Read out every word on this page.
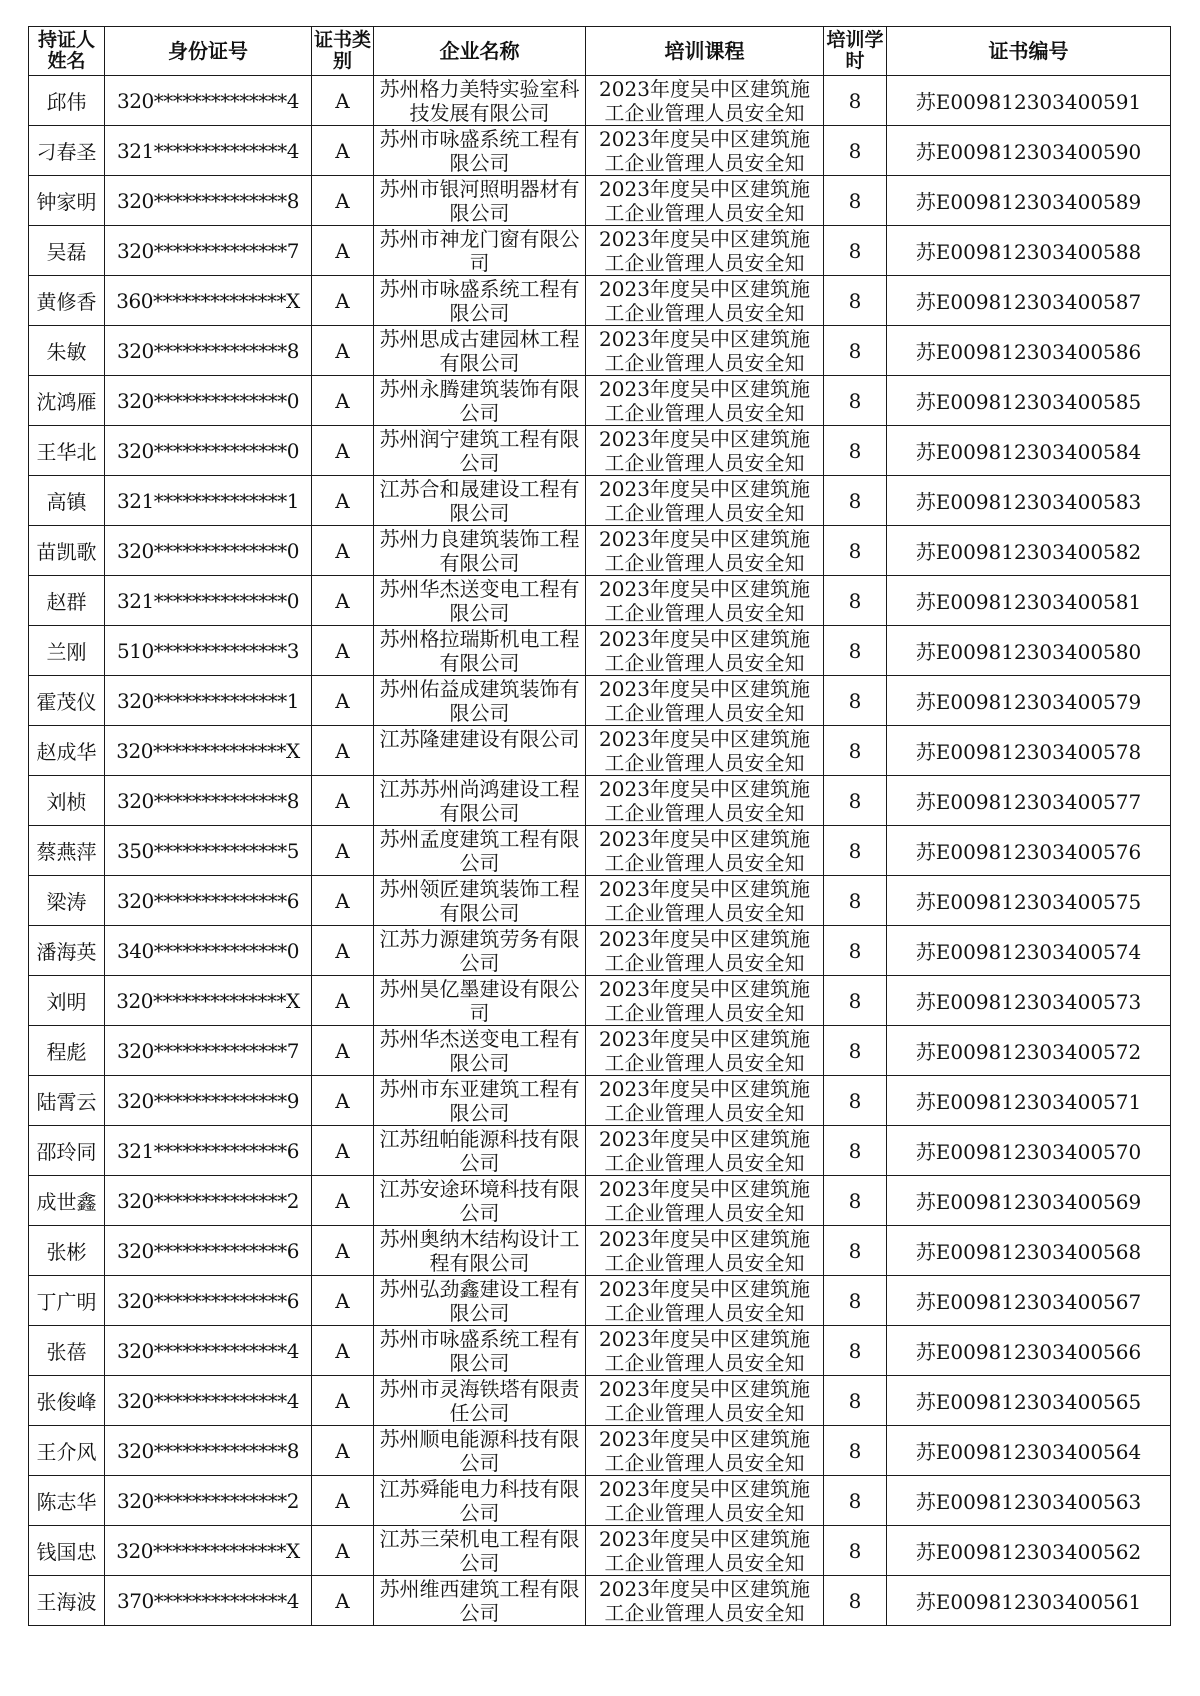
持证人姓名	身份证号	证书类别	企业名称	培训课程	培训学时	证书编号
邱伟	320**************4	A	苏州格力美特实验室科技发展有限公司	2023年度吴中区建筑施工企业管理人员安全知	8	苏E009812303400591
刁春圣	321**************4	A	苏州市咏盛系统工程有限公司	2023年度吴中区建筑施工企业管理人员安全知	8	苏E009812303400590
钟家明	320**************8	A	苏州市银河照明器材有限公司	2023年度吴中区建筑施工企业管理人员安全知	8	苏E009812303400589
吴磊	320**************7	A	苏州市神龙门窗有限公司	2023年度吴中区建筑施工企业管理人员安全知	8	苏E009812303400588
黄修香	360**************X	A	苏州市咏盛系统工程有限公司	2023年度吴中区建筑施工企业管理人员安全知	8	苏E009812303400587
朱敏	320**************8	A	苏州思成古建园林工程有限公司	2023年度吴中区建筑施工企业管理人员安全知	8	苏E009812303400586
沈鸿雁	320**************0	A	苏州永腾建筑装饰有限公司	2023年度吴中区建筑施工企业管理人员安全知	8	苏E009812303400585
王华北	320**************0	A	苏州润宁建筑工程有限公司	2023年度吴中区建筑施工企业管理人员安全知	8	苏E009812303400584
高镇	321**************1	A	江苏合和晟建设工程有限公司	2023年度吴中区建筑施工企业管理人员安全知	8	苏E009812303400583
苗凯歌	320**************0	A	苏州力良建筑装饰工程有限公司	2023年度吴中区建筑施工企业管理人员安全知	8	苏E009812303400582
赵群	321**************0	A	苏州华杰送变电工程有限公司	2023年度吴中区建筑施工企业管理人员安全知	8	苏E009812303400581
兰刚	510**************3	A	苏州格拉瑞斯机电工程有限公司	2023年度吴中区建筑施工企业管理人员安全知	8	苏E009812303400580
霍茂仪	320**************1	A	苏州佑益成建筑装饰有限公司	2023年度吴中区建筑施工企业管理人员安全知	8	苏E009812303400579
赵成华	320**************X	A	江苏隆建建设有限公司	2023年度吴中区建筑施工企业管理人员安全知	8	苏E009812303400578
刘桢	320**************8	A	江苏苏州尚鸿建设工程有限公司	2023年度吴中区建筑施工企业管理人员安全知	8	苏E009812303400577
蔡燕萍	350**************5	A	苏州孟度建筑工程有限公司	2023年度吴中区建筑施工企业管理人员安全知	8	苏E009812303400576
梁涛	320**************6	A	苏州领匠建筑装饰工程有限公司	2023年度吴中区建筑施工企业管理人员安全知	8	苏E009812303400575
潘海英	340**************0	A	江苏力源建筑劳务有限公司	2023年度吴中区建筑施工企业管理人员安全知	8	苏E009812303400574
刘明	320**************X	A	苏州昊亿墨建设有限公司	2023年度吴中区建筑施工企业管理人员安全知	8	苏E009812303400573
程彪	320**************7	A	苏州华杰送变电工程有限公司	2023年度吴中区建筑施工企业管理人员安全知	8	苏E009812303400572
陆霄云	320**************9	A	苏州市东亚建筑工程有限公司	2023年度吴中区建筑施工企业管理人员安全知	8	苏E009812303400571
邵玲同	321**************6	A	江苏纽帕能源科技有限公司	2023年度吴中区建筑施工企业管理人员安全知	8	苏E009812303400570
成世鑫	320**************2	A	江苏安途环境科技有限公司	2023年度吴中区建筑施工企业管理人员安全知	8	苏E009812303400569
张彬	320**************6	A	苏州奥纳木结构设计工程有限公司	2023年度吴中区建筑施工企业管理人员安全知	8	苏E009812303400568
丁广明	320**************6	A	苏州弘劲鑫建设工程有限公司	2023年度吴中区建筑施工企业管理人员安全知	8	苏E009812303400567
张蓓	320**************4	A	苏州市咏盛系统工程有限公司	2023年度吴中区建筑施工企业管理人员安全知	8	苏E009812303400566
张俊峰	320**************4	A	苏州市灵海铁塔有限责任公司	2023年度吴中区建筑施工企业管理人员安全知	8	苏E009812303400565
王介风	320**************8	A	苏州顺电能源科技有限公司	2023年度吴中区建筑施工企业管理人员安全知	8	苏E009812303400564
陈志华	320**************2	A	江苏舜能电力科技有限公司	2023年度吴中区建筑施工企业管理人员安全知	8	苏E009812303400563
钱国忠	320**************X	A	江苏三荣机电工程有限公司	2023年度吴中区建筑施工企业管理人员安全知	8	苏E009812303400562
王海波	370**************4	A	苏州维西建筑工程有限公司	2023年度吴中区建筑施工企业管理人员安全知	8	苏E009812303400561
